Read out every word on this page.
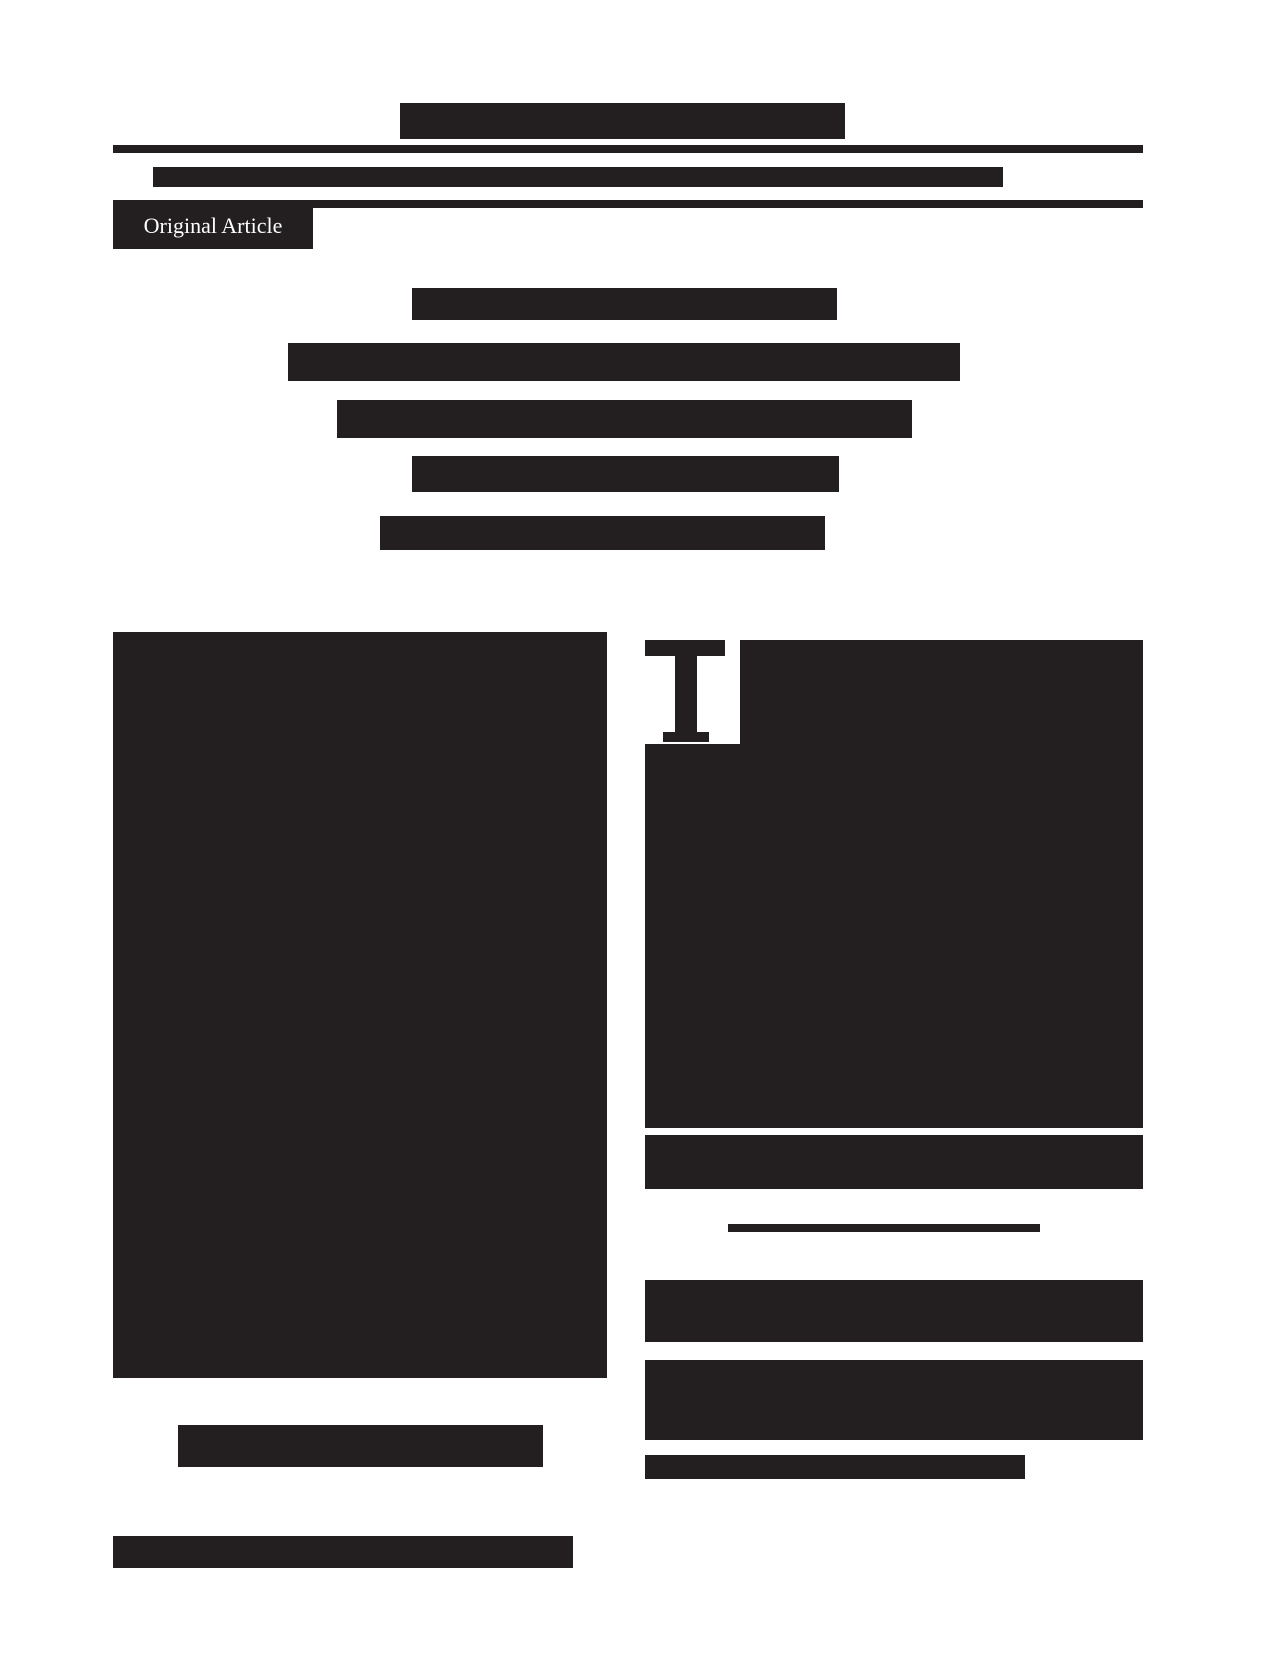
Original Article
